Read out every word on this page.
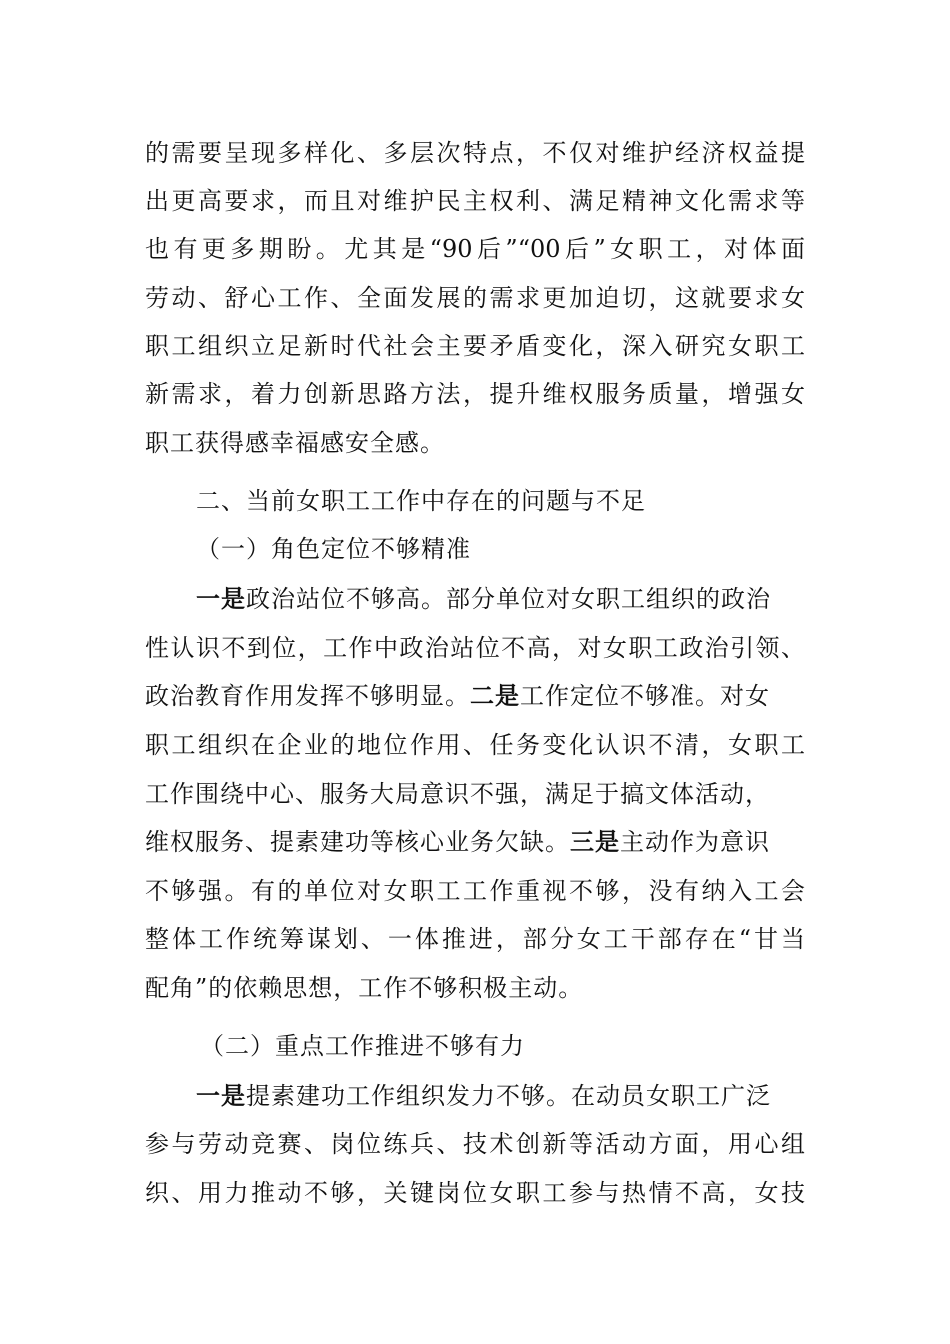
的需要呈现多样化、多层次特点，不仅对维护经济权益提
出更高要求，而且对维护民主权利、满足精神文化需求等
也有更多期盼。尤其是“90后”“00后”女职工，对体面
劳动、舒心工作、全面发展的需求更加迫切，这就要求女
职工组织立足新时代社会主要矛盾变化，深入研究女职工
新需求，着力创新思路方法，提升维权服务质量，增强女
职工获得感幸福感安全感。
二、当前女职工工作中存在的问题与不足
（一）角色定位不够精准
一是政治站位不够高。部分单位对女职工组织的政治
性认识不到位，工作中政治站位不高，对女职工政治引领、
政治教育作用发挥不够明显。二是工作定位不够准。对女
职工组织在企业的地位作用、任务变化认识不清，女职工
工作围绕中心、服务大局意识不强，满足于搞文体活动，
维权服务、提素建功等核心业务欠缺。三是主动作为意识
不够强。有的单位对女职工工作重视不够，没有纳入工会
整体工作统筹谋划、一体推进，部分女工干部存在“甘当
配角”的依赖思想，工作不够积极主动。
（二）重点工作推进不够有力
一是提素建功工作组织发力不够。在动员女职工广泛
参与劳动竞赛、岗位练兵、技术创新等活动方面，用心组
织、用力推动不够，关键岗位女职工参与热情不高，女技
